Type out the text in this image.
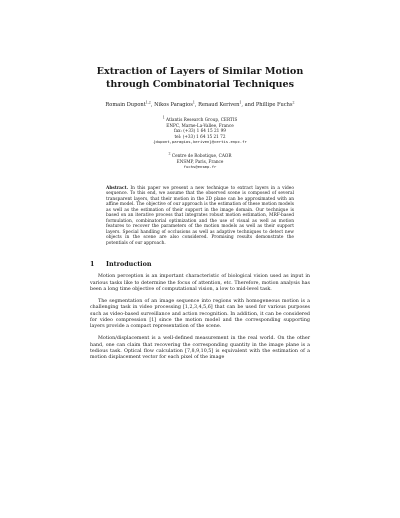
Extraction of Layers of Similar Motion
through Combinatorial Techniques
Romain Dupont$^{1,2}$, Nikos Paragios$^1$, Renaud Keriven$^1$, and Phillipe Fuchs$^2$
$^1$ Atlantis Research Group, CERTIS
ENPC, Marne-La-Vallee, France
fax: (+33) 1 64 15 21 99
tel: (+33) 1 64 15 21 72
{dupont,paragios,keriven}@certis.enpc.fr
$^2$ Centre de Robotique, CAOR
ENSMP, Paris, France
fuchs@ensmp.fr
Abstract. In this paper we present a new technique to extract layers in a video sequence. To this end, we assume that the observed scene is composed of several transparent layers, that their motion in the 2D plane can be approximated with an affine model. The objective of our approach is the estimation of these motion models as well as the estimation of their support in the image domain. Our technique is based on an iterative process that integrates robust motion estimation, MRF-based formulation, combinatorial optimization and the use of visual as well as motion features to recover the parameters of the motion models as well as their support layers. Special handling of occlusions as well as adaptive techniques to detect new objects in the scene are also considered. Promising results demonstrate the potentials of our approach.
1 Introduction

Motion perception is an important characteristic of biological vision used as input in various tasks like to determine the focus of attention, etc. Therefore, motion analysis has been a long time objective of computational vision, a low to mid-level task.

The segmentation of an image sequence into regions with homogeneous motion is a challenging task in video processing [1,2,3,4,5,6] that can be used for various purposes such as video-based surveillance and action recognition. In addition, it can be considered for video compression [1] since the motion model and the corresponding supporting layers provide a compact representation of the scene.

Motion/displacement is a well-defined measurement in the real world. On the other hand, one can claim that recovering the corresponding quantity in the image plane is a tedious task. Optical flow calculation [7,8,9,10,5] is equivalent with the estimation of a motion displacement vector for each pixel of the image
